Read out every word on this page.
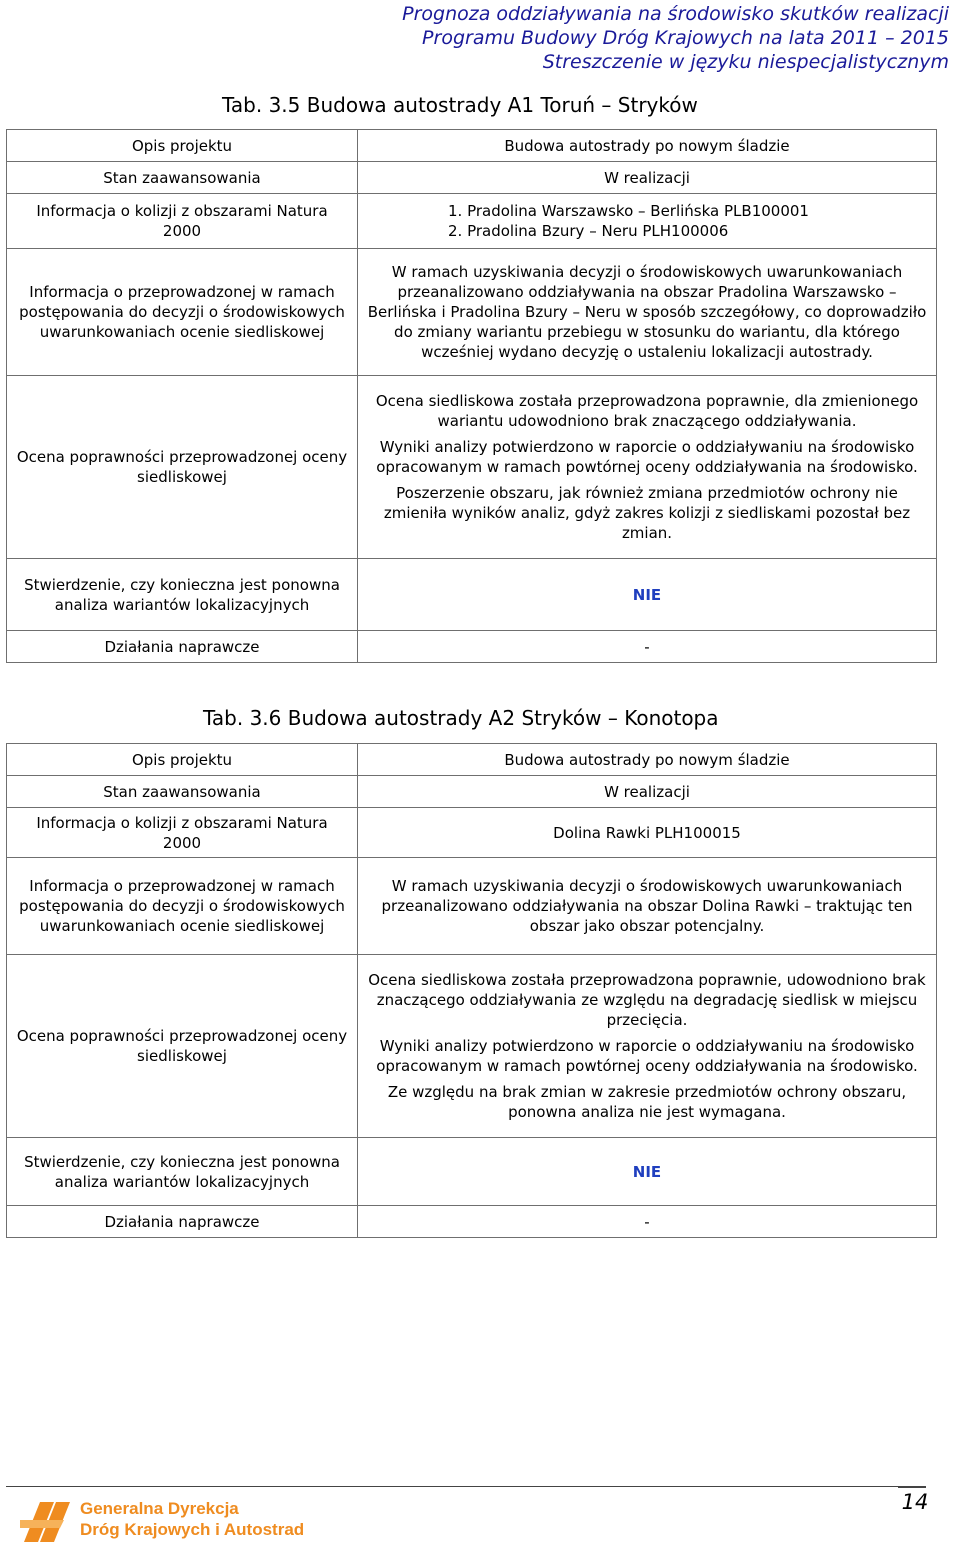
Prognoza oddziaływania na środowisko skutków realizacji
Programu Budowy Dróg Krajowych na lata 2011 – 2015
Streszczenie w języku niespecjalistycznym
Tab. 3.5 Budowa autostrady A1 Toruń – Stryków
Opis projektu	Budowa autostrady po nowym śladzie
Stan zaawansowania	W realizacji
Informacja o kolizji z obszarami Natura 2000	1. Pradolina Warszawsko – Berlińska PLB100001
2. Pradolina Bzury – Neru PLH100006

Informacja o przeprowadzonej w ramach postępowania do decyzji o środowiskowych uwarunkowaniach ocenie siedliskowej	W ramach uzyskiwania decyzji o środowiskowych uwarunkowaniach przeanalizowano oddziaływania na obszar Pradolina Warszawsko – Berlińska i Pradolina Bzury – Neru w sposób szczegółowy, co doprowadziło do zmiany wariantu przebiegu w stosunku do wariantu, dla którego wcześniej wydano decyzję o ustaleniu lokalizacji autostrady.
Ocena poprawności przeprowadzonej oceny siedliskowej	Ocena siedliskowa została przeprowadzona poprawnie, dla zmienionego wariantu udowodniono brak znaczącego oddziaływania.

Wyniki analizy potwierdzono w raporcie o oddziaływaniu na środowisko opracowanym w ramach powtórnej oceny oddziaływania na środowisko.

Poszerzenie obszaru, jak również zmiana przedmiotów ochrony nie zmieniła wyników analiz, gdyż zakres kolizji z siedliskami pozostał bez zmian.

Stwierdzenie, czy konieczna jest ponowna analiza wariantów lokalizacyjnych	NIE
Działania naprawcze	-
Tab. 3.6 Budowa autostrady A2 Stryków – Konotopa
Opis projektu	Budowa autostrady po nowym śladzie
Stan zaawansowania	W realizacji
Informacja o kolizji z obszarami Natura 2000	Dolina Rawki PLH100015
Informacja o przeprowadzonej w ramach postępowania do decyzji o środowiskowych uwarunkowaniach ocenie siedliskowej	W ramach uzyskiwania decyzji o środowiskowych uwarunkowaniach przeanalizowano oddziaływania na obszar Dolina Rawki – traktując ten obszar jako obszar potencjalny.
Ocena poprawności przeprowadzonej oceny siedliskowej	Ocena siedliskowa została przeprowadzona poprawnie, udowodniono brak znaczącego oddziaływania ze względu na degradację siedlisk w miejscu przecięcia.

Wyniki analizy potwierdzono w raporcie o oddziaływaniu na środowisko opracowanym w ramach powtórnej oceny oddziaływania na środowisko.

Ze względu na brak zmian w zakresie przedmiotów ochrony obszaru, ponowna analiza nie jest wymagana.

Stwierdzenie, czy konieczna jest ponowna analiza wariantów lokalizacyjnych	NIE
Działania naprawcze	-
14
Generalna Dyrekcja
Dróg Krajowych i Autostrad
